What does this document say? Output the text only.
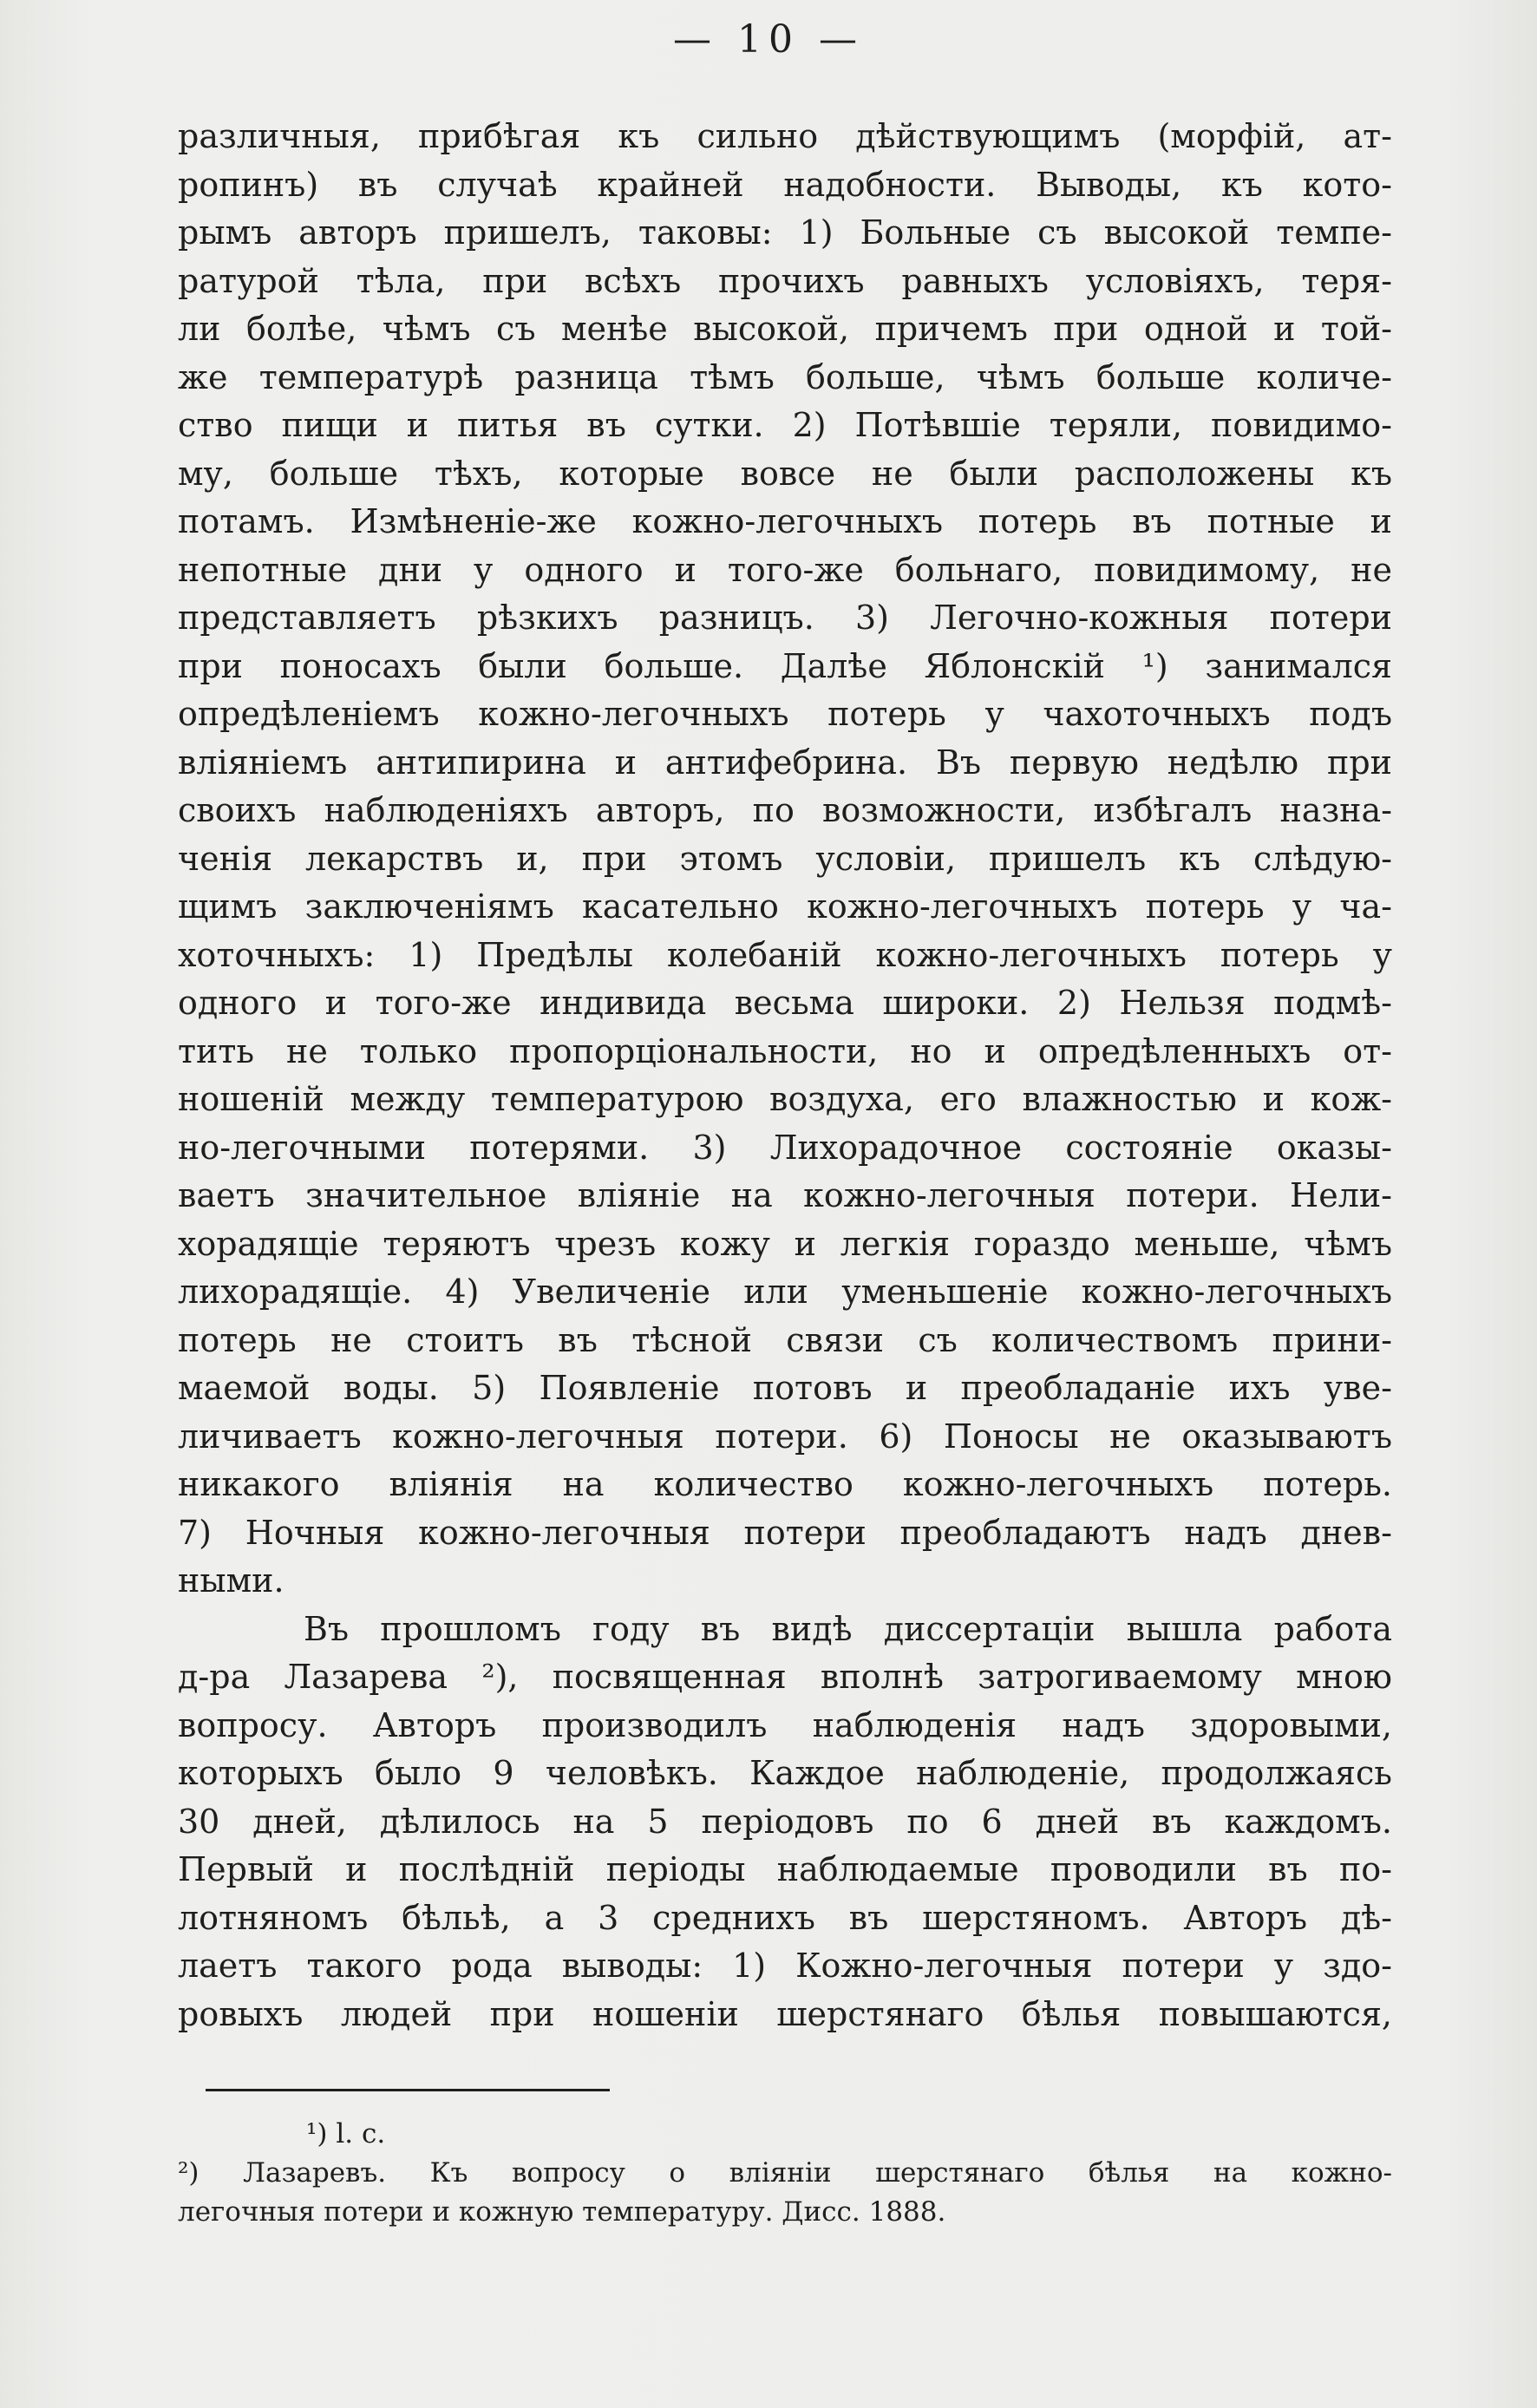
— 10 —
различныя, прибѣгая къ сильно дѣйствующимъ (морфій, ат-
ропинъ) въ случаѣ крайней надобности. Выводы, къ кото-
рымъ авторъ пришелъ, таковы: 1) Больные съ высокой темпе-
ратурой тѣла, при всѣхъ прочихъ равныхъ условіяхъ, теря-
ли болѣе, чѣмъ съ менѣе высокой, причемъ при одной и той-
же температурѣ разница тѣмъ больше, чѣмъ больше количе-
ство пищи и питья въ сутки. 2) Потѣвшіе теряли, повидимо-
му, больше тѣхъ, которые вовсе не были расположены къ
потамъ. Измѣненіе-же кожно-легочныхъ потерь въ потные и
непотные дни у одного и того-же больнаго, повидимому, не
представляетъ рѣзкихъ разницъ. 3) Легочно-кожныя потери
при поносахъ были больше. Далѣе Яблонскій ¹) занимался
опредѣленіемъ кожно-легочныхъ потерь у чахоточныхъ подъ
вліяніемъ антипирина и антифебрина. Въ первую недѣлю при
своихъ наблюденіяхъ авторъ, по возможности, избѣгалъ назна-
ченія лекарствъ и, при этомъ условіи, пришелъ къ слѣдую-
щимъ заключеніямъ касательно кожно-легочныхъ потерь у ча-
хоточныхъ: 1) Предѣлы колебаній кожно-легочныхъ потерь у
одного и того-же индивида весьма широки. 2) Нельзя подмѣ-
тить не только пропорціональности, но и опредѣленныхъ от-
ношеній между температурою воздуха, его влажностью и кож-
но-легочными потерями. 3) Лихорадочное состояніе оказы-
ваетъ значительное вліяніе на кожно-легочныя потери. Нели-
хорадящіе теряютъ чрезъ кожу и легкія гораздо меньше, чѣмъ
лихорадящіе. 4) Увеличеніе или уменьшеніе кожно-легочныхъ
потерь не стоитъ въ тѣсной связи съ количествомъ прини-
маемой воды. 5) Появленіе потовъ и преобладаніе ихъ уве-
личиваетъ кожно-легочныя потери. 6) Поносы не оказываютъ
никакого вліянія на количество кожно-легочныхъ потерь.
7) Ночныя кожно-легочныя потери преобладаютъ надъ днев-
ными.
Въ прошломъ году въ видѣ диссертаціи вышла работа
д-ра Лазарева ²), посвященная вполнѣ затрогиваемому мною
вопросу. Авторъ производилъ наблюденія надъ здоровыми,
которыхъ было 9 человѣкъ. Каждое наблюденіе, продолжаясь
30 дней, дѣлилось на 5 періодовъ по 6 дней въ каждомъ.
Первый и послѣдній періоды наблюдаемые проводили въ по-
лотняномъ бѣльѣ, а 3 среднихъ въ шерстяномъ. Авторъ дѣ-
лаетъ такого рода выводы: 1) Кожно-легочныя потери у здо-
ровыхъ людей при ношеніи шерстянаго бѣлья повышаются,
¹) l. c.
²) Лазаревъ. Къ вопросу о вліяніи шерстянаго бѣлья на кожно-
легочныя потери и кожную температуру. Дисс. 1888.
